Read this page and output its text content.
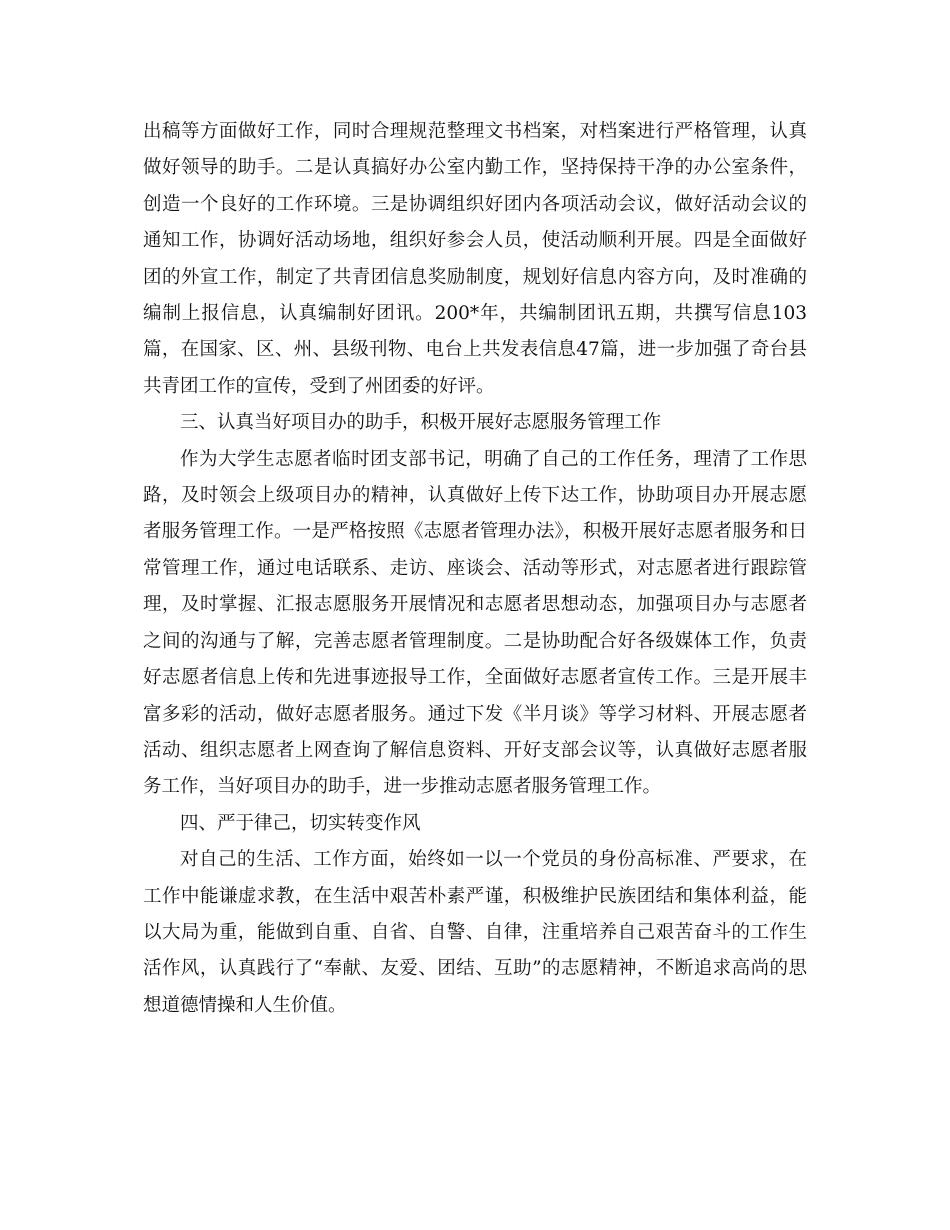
出稿等方面做好工作，同时合理规范整理文书档案，对档案进行严格管理，认真做好领导的助手。二是认真搞好办公室内勤工作，坚持保持干净的办公室条件，创造一个良好的工作环境。三是协调组织好团内各项活动会议，做好活动会议的通知工作，协调好活动场地，组织好参会人员，使活动顺利开展。四是全面做好团的外宣工作，制定了共青团信息奖励制度，规划好信息内容方向，及时准确的编制上报信息，认真编制好团讯。200*年，共编制团讯五期，共撰写信息103篇，在国家、区、州、县级刊物、电台上共发表信息47篇，进一步加强了奇台县共青团工作的宣传，受到了州团委的好评。

三、认真当好项目办的助手，积极开展好志愿服务管理工作

作为大学生志愿者临时团支部书记，明确了自己的工作任务，理清了工作思路，及时领会上级项目办的精神，认真做好上传下达工作，协助项目办开展志愿者服务管理工作。一是严格按照《志愿者管理办法》，积极开展好志愿者服务和日常管理工作，通过电话联系、走访、座谈会、活动等形式，对志愿者进行跟踪管理，及时掌握、汇报志愿服务开展情况和志愿者思想动态，加强项目办与志愿者之间的沟通与了解，完善志愿者管理制度。二是协助配合好各级媒体工作，负责好志愿者信息上传和先进事迹报导工作，全面做好志愿者宣传工作。三是开展丰富多彩的活动，做好志愿者服务。通过下发《半月谈》等学习材料、开展志愿者活动、组织志愿者上网查询了解信息资料、开好支部会议等，认真做好志愿者服务工作，当好项目办的助手，进一步推动志愿者服务管理工作。

四、严于律己，切实转变作风

对自己的生活、工作方面，始终如一以一个党员的身份高标准、严要求，在工作中能谦虚求教，在生活中艰苦朴素严谨，积极维护民族团结和集体利益，能以大局为重，能做到自重、自省、自警、自律，注重培养自己艰苦奋斗的工作生活作风，认真践行了“奉献、友爱、团结、互助”的志愿精神，不断追求高尚的思想道德情操和人生价值。
